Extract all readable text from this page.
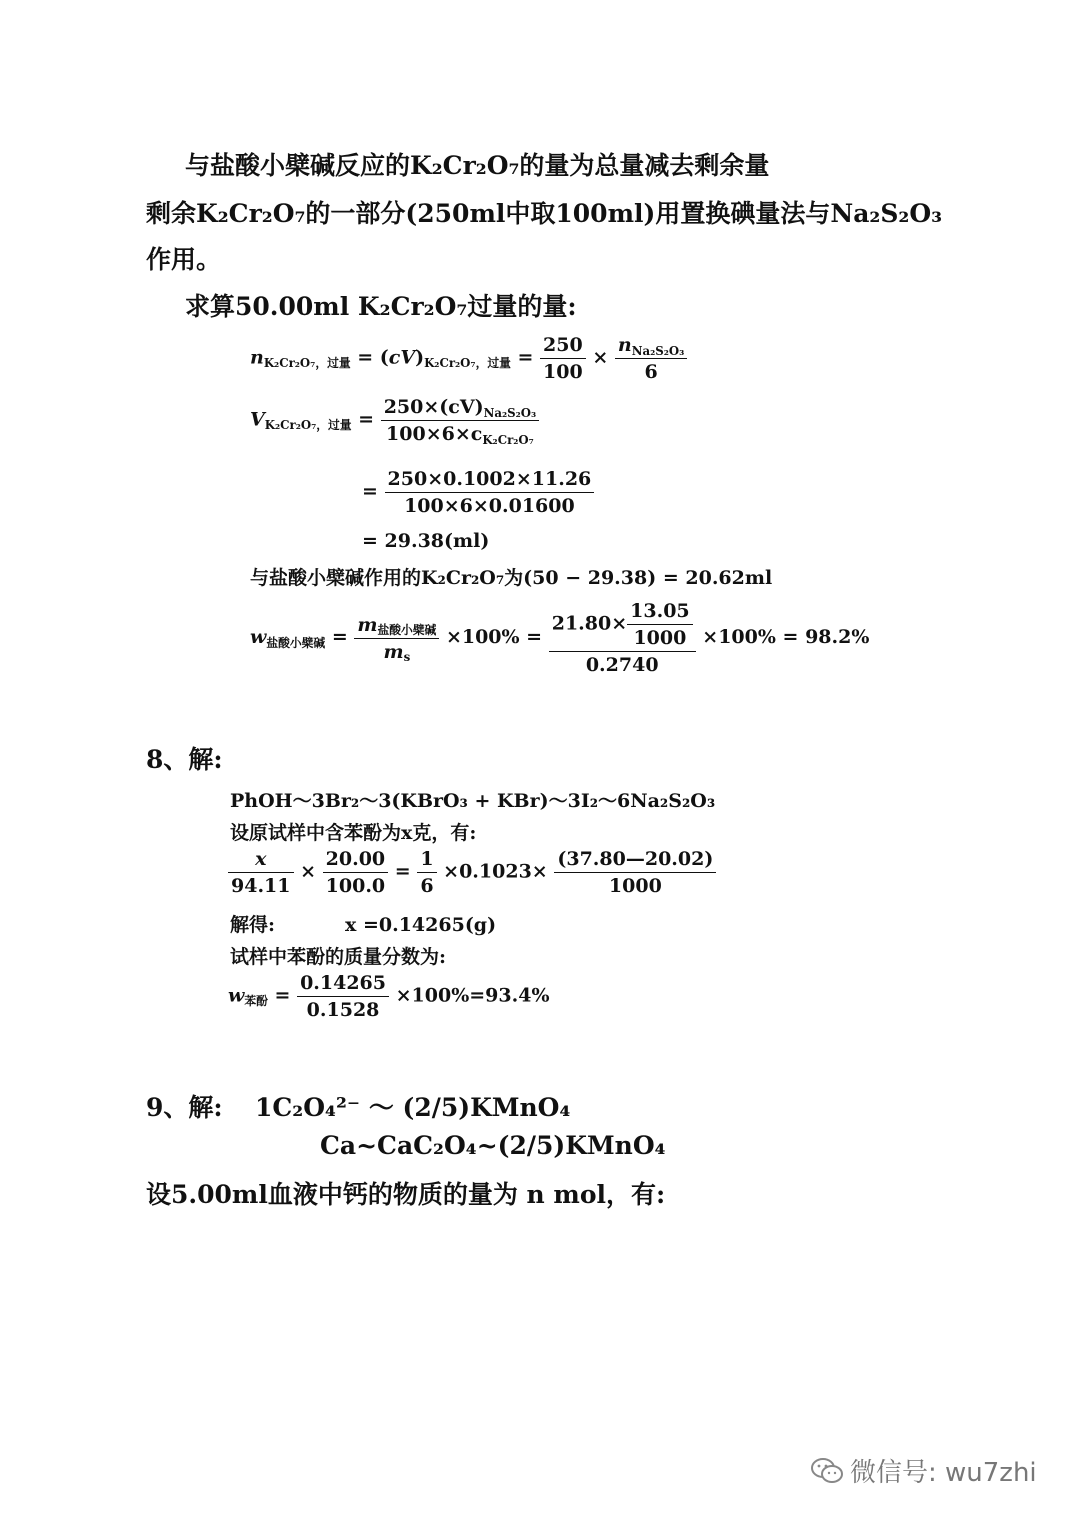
与盐酸小檗碱反应的K₂Cr₂O₇的量为总量减去剩余量
剩余K₂Cr₂O₇的一部分(250ml中取100ml)用置换碘量法与Na₂S₂O₃
作用。
求算50.00ml K₂Cr₂O₇过量的量:
nK₂Cr₂O₇，过量 = (cV)K₂Cr₂O₇，过量 = $\frac{250}{100} \times \frac{\text{nNa₂S₂O₃}}{6}$
VK₂Cr₂O₇，过量 = $\frac{\text{250×(cV)Na₂S₂O₃}}{\text{100×6×cK₂Cr₂O₇}}$
= $\frac{250\times 0.1002\times 11.26}{100\times 6\times 0.01600}$
= 29.38(ml)
与盐酸小檗碱作用的K₂Cr₂O₇为(50 − 29.38) = 20.62ml
w盐酸小檗碱 = $\frac{\text{m盐酸小檗碱}}{ms} \times 100\% = \frac{21.80\times \frac{13.05}{1000}}{0.2740} \times 100\% = 98.2\%$
8、解:
PhOH～3Br₂～3(KBrO₃ + KBr)～3I₂～6Na₂S₂O₃
设原试样中含苯酚为x克，有:
$\frac{x}{94.11} \times \frac{20.00}{100.0} = \frac{1}{6} \times 0.1023\times \frac{(37.80—20.02)}{1000}$
解得:	x =0.14265(g)
试样中苯酚的质量分数为:
w苯酚 = $\frac{0.14265}{0.1528} \times 100\%=93.4\%$
9、解: 1C₂O₄²⁻ ～ (2/5)KMnO₄
Ca~CaC₂O₄~(2/5)KMnO₄
设5.00ml血液中钙的物质的量为 n mol，有:
微信号: wu7zhi
